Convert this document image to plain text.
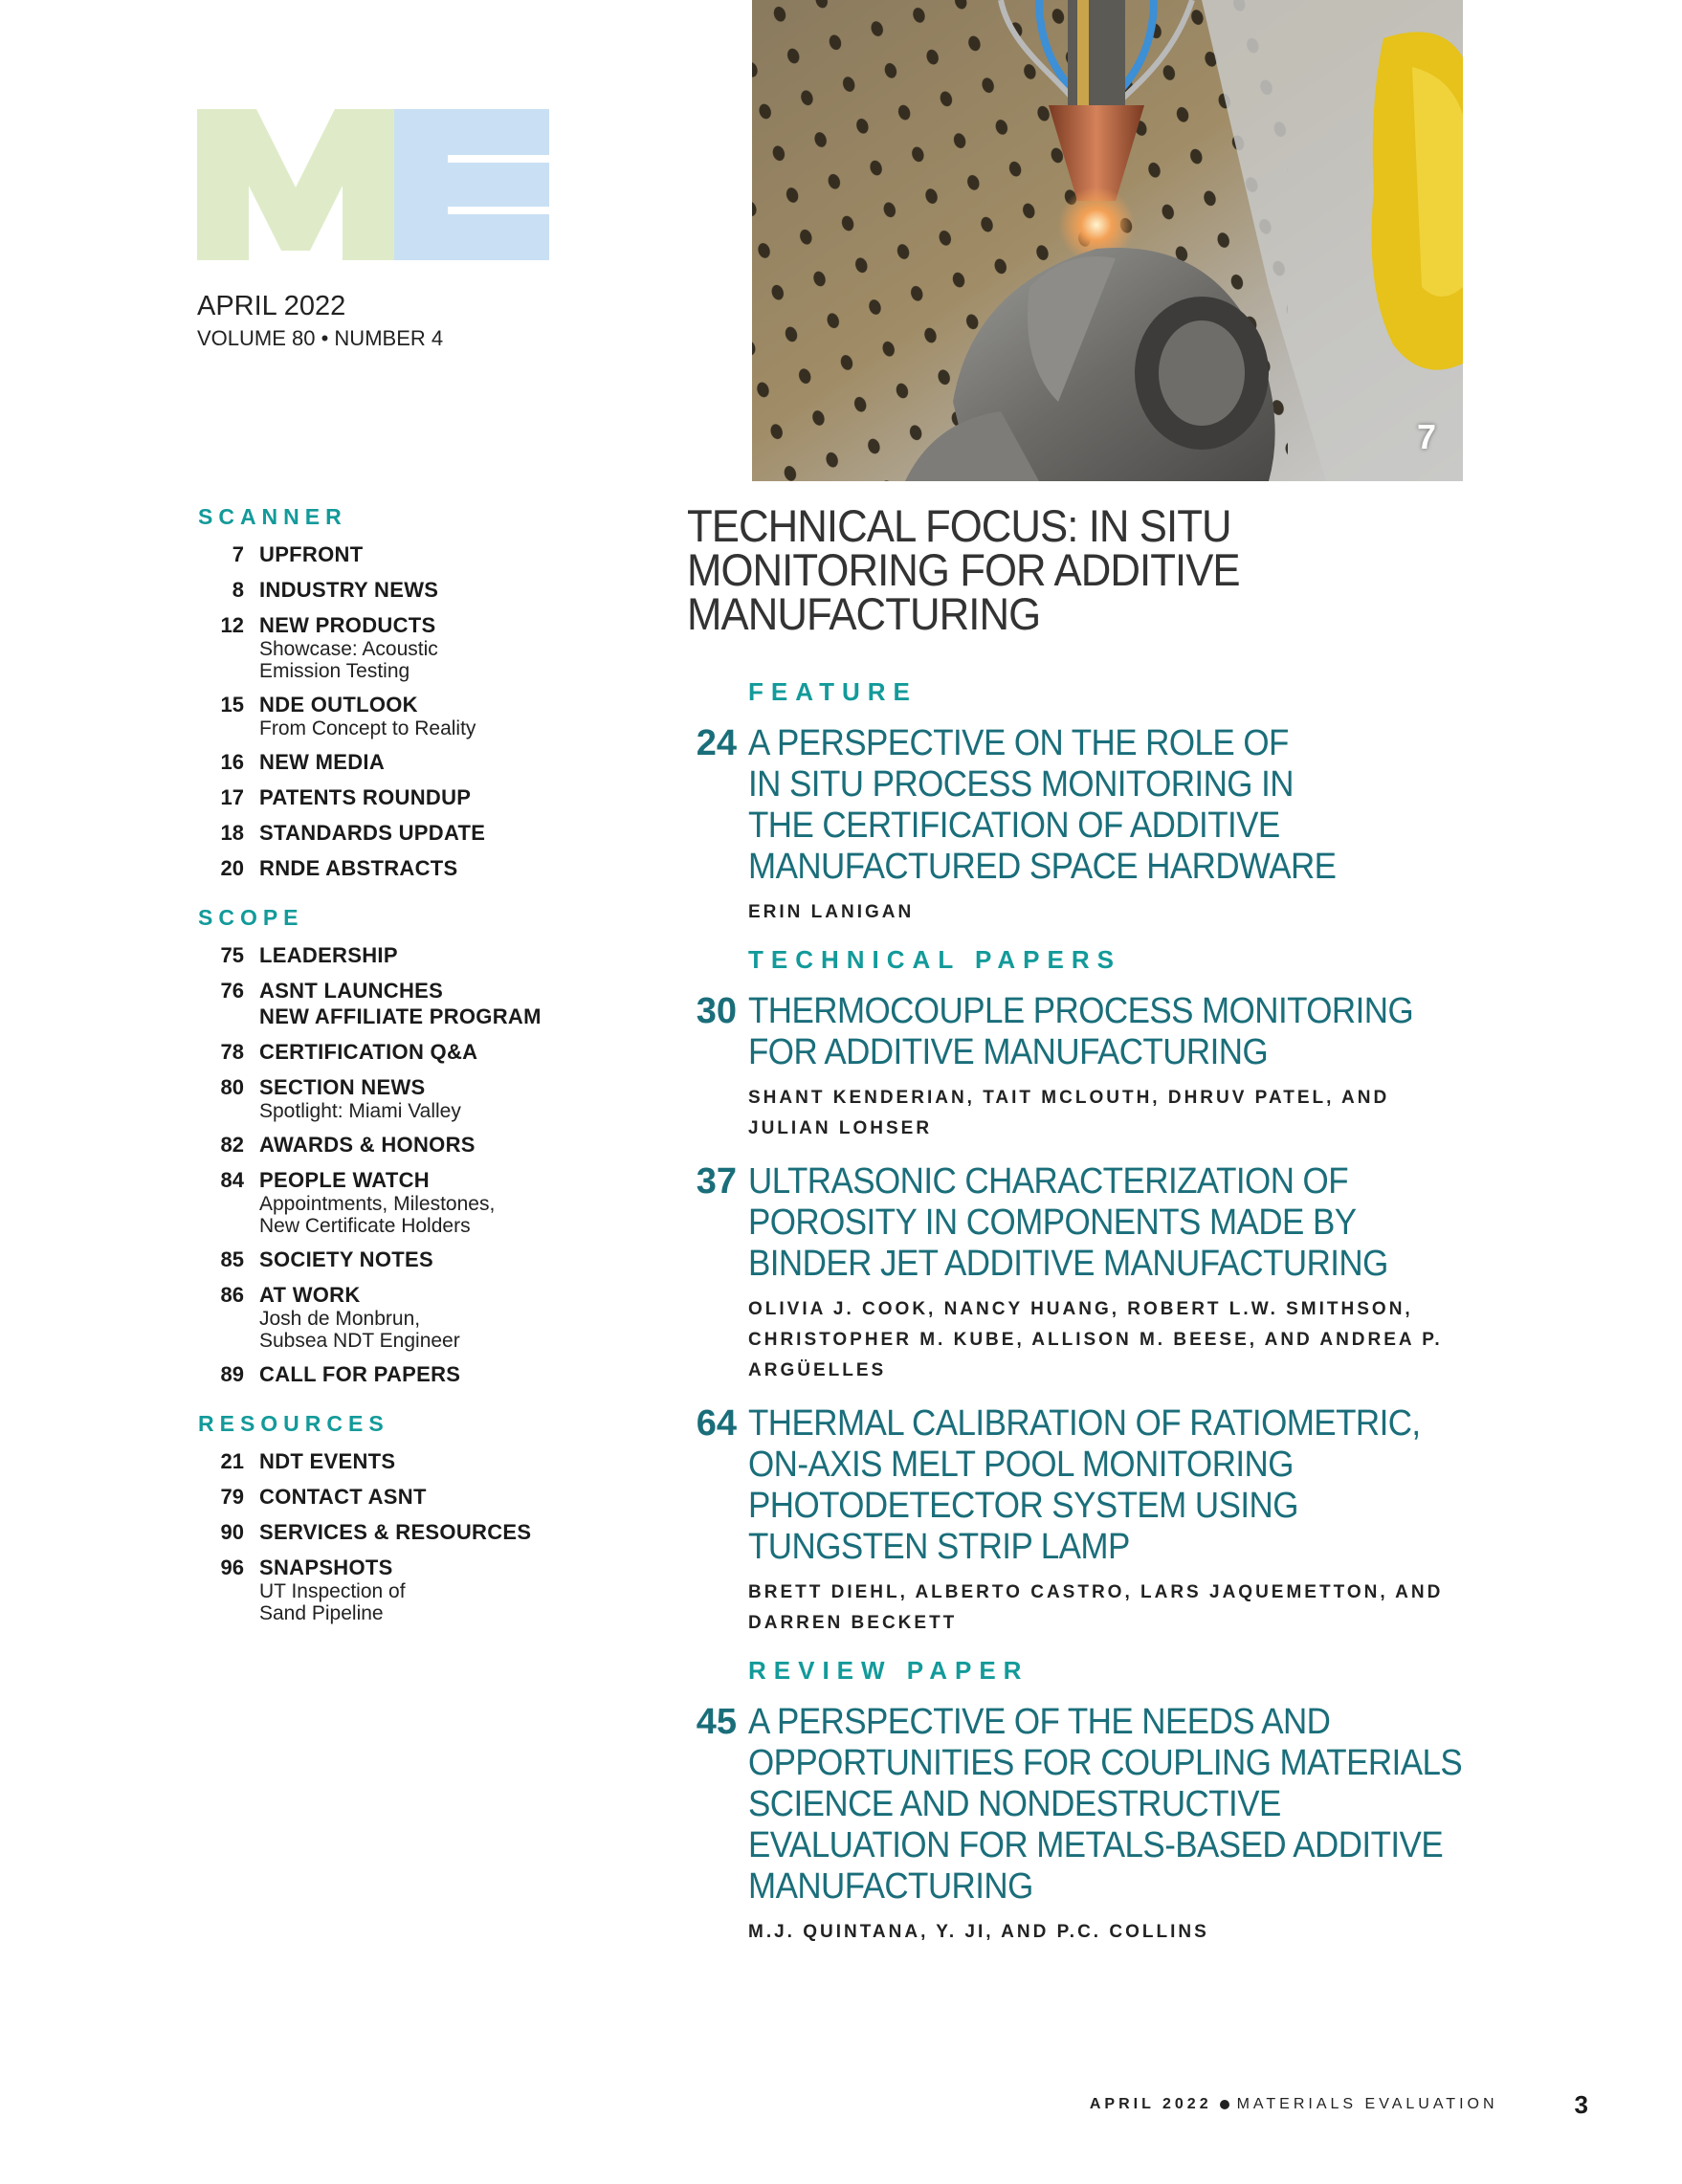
APRIL 2022
VOLUME 80 • NUMBER 4
7
SCANNER
7 UPFRONT
8 INDUSTRY NEWS
12 NEW PRODUCTS
Showcase: Acoustic
Emission Testing
15 NDE OUTLOOK
From Concept to Reality
16 NEW MEDIA
17 PATENTS ROUNDUP
18 STANDARDS UPDATE
20 RNDE ABSTRACTS
SCOPE
75 LEADERSHIP
76 ASNT LAUNCHES
NEW AFFILIATE PROGRAM
78 CERTIFICATION Q&A
80 SECTION NEWS
Spotlight: Miami Valley
82 AWARDS & HONORS
84 PEOPLE WATCH
Appointments, Milestones,
New Certificate Holders
85 SOCIETY NOTES
86 AT WORK
Josh de Monbrun,
Subsea NDT Engineer
89 CALL FOR PAPERS
RESOURCES
21 NDT EVENTS
79 CONTACT ASNT
90 SERVICES & RESOURCES
96 SNAPSHOTS
UT Inspection of
Sand Pipeline
TECHNICAL FOCUS: IN SITU
MONITORING FOR ADDITIVE
MANUFACTURING
FEATURE
24 A PERSPECTIVE ON THE ROLE OF
IN SITU PROCESS MONITORING IN
THE CERTIFICATION OF ADDITIVE
MANUFACTURED SPACE HARDWARE
ERIN LANIGAN
TECHNICAL PAPERS
30 THERMOCOUPLE PROCESS MONITORING
FOR ADDITIVE MANUFACTURING
SHANT KENDERIAN, TAIT MCLOUTH, DHRUV PATEL, AND
JULIAN LOHSER
37 ULTRASONIC CHARACTERIZATION OF
POROSITY IN COMPONENTS MADE BY
BINDER JET ADDITIVE MANUFACTURING
OLIVIA J. COOK, NANCY HUANG, ROBERT L.W. SMITHSON,
CHRISTOPHER M. KUBE, ALLISON M. BEESE, AND ANDREA P.
ARGÜELLES
64 THERMAL CALIBRATION OF RATIOMETRIC,
ON-AXIS MELT POOL MONITORING
PHOTODETECTOR SYSTEM USING
TUNGSTEN STRIP LAMP
BRETT DIEHL, ALBERTO CASTRO, LARS JAQUEMETTON, AND
DARREN BECKETT
REVIEW PAPER
45 A PERSPECTIVE OF THE NEEDS AND
OPPORTUNITIES FOR COUPLING MATERIALS
SCIENCE AND NONDESTRUCTIVE
EVALUATION FOR METALS-BASED ADDITIVE
MANUFACTURING
M.J. QUINTANA, Y. JI, AND P.C. COLLINS
APRIL 2022 MATERIALS EVALUATION	3
